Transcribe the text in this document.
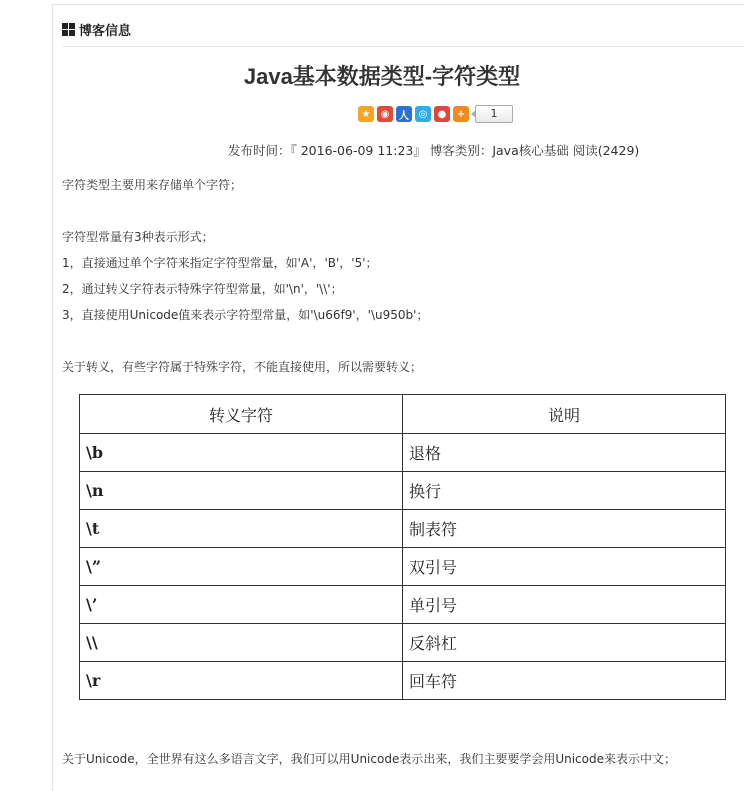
博客信息
Java基本数据类型-字符类型
★	◉ 人 ◎	●	+	1
发布时间：『 2016-06-09 11:23』 博客类别：Java核心基础 阅读(2429)
字符类型主要用来存储单个字符；
字符型常量有3种表示形式；
1，直接通过单个字符来指定字符型常量，如'A'，'B'，'5'；
2，通过转义字符表示特殊字符型常量，如'\n'，'\\'；
3，直接使用Unicode值来表示字符型常量，如'\u66f9'，'\u950b'；
关于转义，有些字符属于特殊字符，不能直接使用，所以需要转义；
转义字符	说明
\b	退格
\n	换行
\t	制表符
\”	双引号
\’	单引号
\\	反斜杠
\r	回车符
关于Unicode，全世界有这么多语言文字，我们可以用Unicode表示出来，我们主要要学会用Unicode来表示中文；
